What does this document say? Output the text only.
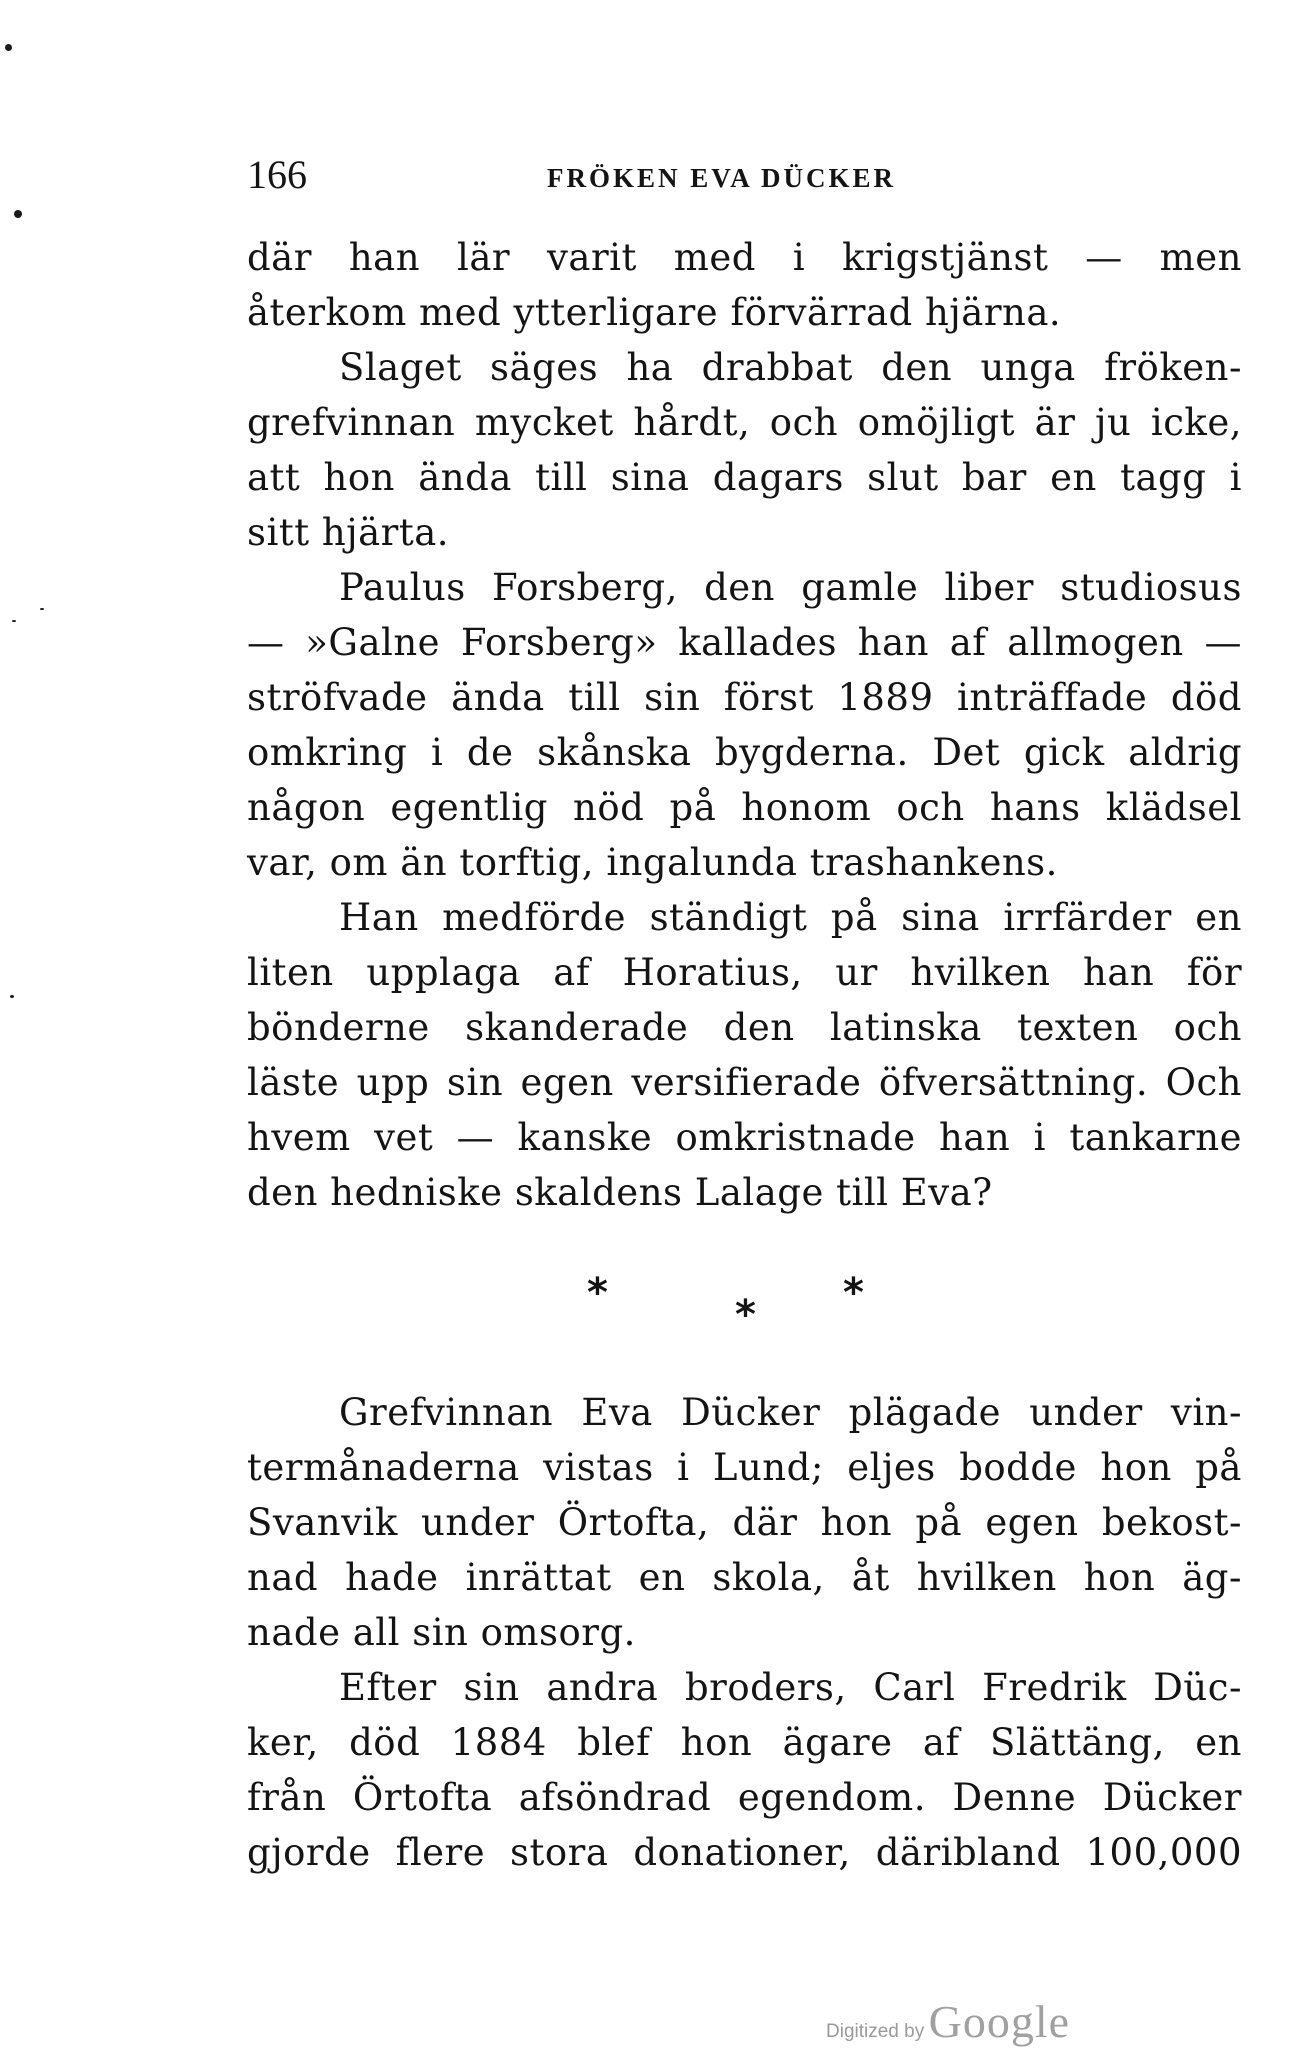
166	FRÖKEN EVA DÜCKER
där han lär varit med i krigstjänst — men
återkom med ytterligare förvärrad hjärna.
Slaget säges ha drabbat den unga fröken-
grefvinnan mycket hårdt, och omöjligt är ju icke,
att hon ända till sina dagars slut bar en tagg i
sitt hjärta.
Paulus Forsberg, den gamle liber studiosus
— »Galne Forsberg» kallades han af allmogen —
ströfvade ända till sin först 1889 inträffade död
omkring i de skånska bygderna. Det gick aldrig
någon egentlig nöd på honom och hans klädsel
var, om än torftig, ingalunda trashankens.
Han medförde ständigt på sina irrfärder en
liten upplaga af Horatius, ur hvilken han för
bönderne skanderade den latinska texten och
läste upp sin egen versifierade öfversättning. Och
hvem vet — kanske omkristnade han i tankarne
den hedniske skaldens Lalage till Eva?
*	* *
Grefvinnan Eva Dücker plägade under vin-
termånaderna vistas i Lund; eljes bodde hon på
Svanvik under Örtofta, där hon på egen bekost-
nad hade inrättat en skola, åt hvilken hon äg-
nade all sin omsorg.
Efter sin andra broders, Carl Fredrik Düc-
ker, död 1884 blef hon ägare af Slättäng, en
från Örtofta afsöndrad egendom. Denne Dücker
gjorde flere stora donationer, däribland 100,000
Digitized by Google
